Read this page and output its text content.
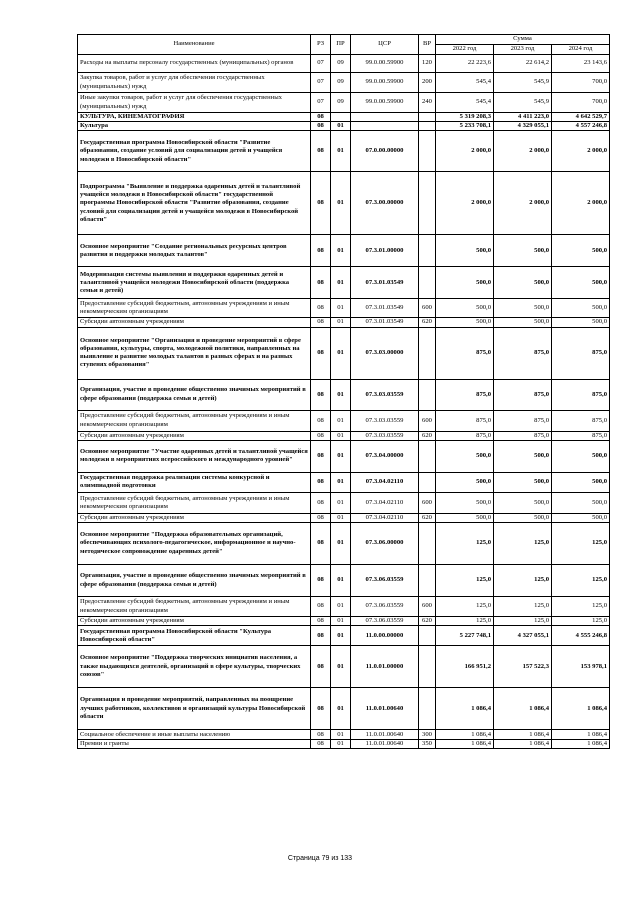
Наименование	РЗ	ПР	ЦСР	ВР	Сумма		
					2022 год	2023 год	2024 год
Расходы на выплаты персоналу государственных (муниципальных) органов	07	09	99.0.00.59900	120	22 223,6	22 614,2	23 143,6
Закупка товаров, работ и услуг для обеспечения государственных (муниципальных) нужд	07	09	99.0.00.59900	200	545,4	545,9	700,0
Иные закупки товаров, работ и услуг для обеспечения государственных (муниципальных) нужд	07	09	99.0.00.59900	240	545,4	545,9	700,0
КУЛЬТУРА, КИНЕМАТОГРАФИЯ	08				5 319 208,3	4 411 223,0	4 642 529,7
Культура	08	01			5 233 708,1	4 329 055,1	4 557 246,8
Государственная программа Новосибирской области "Развитие образования, создание условий для социализации детей и учащейся молодежи в Новосибирской области"	08	01	07.0.00.00000		2 000,0	2 000,0	2 000,0
Подпрограмма "Выявление и поддержка одаренных детей и талантливой учащейся молодежи в Новосибирской области" государственной программы Новосибирской области "Развитие образования, создание условий для социализации детей и учащейся молодежи в Новосибирской области"	08	01	07.3.00.00000		2 000,0	2 000,0	2 000,0
Основное мероприятие "Создание региональных ресурсных центров развития и поддержки молодых талантов"	08	01	07.3.01.00000		500,0	500,0	500,0
Модернизация системы выявления и поддержки одаренных детей и талантливой учащейся молодежи Новосибирской области (поддержка семьи и детей)	08	01	07.3.01.03549		500,0	500,0	500,0
Предоставление субсидий бюджетным, автономным учреждениям и иным некоммерческим организациям	08	01	07.3.01.03549	600	500,0	500,0	500,0
Субсидии автономным учреждениям	08	01	07.3.01.03549	620	500,0	500,0	500,0
Основное мероприятие "Организация и проведение мероприятий в сфере образования, культуры, спорта, молодежной политики, направленных на выявление и развитие молодых талантов в разных сферах и на разных ступенях образования"	08	01	07.3.03.00000		875,0	875,0	875,0
Организация, участие в проведение общественно значимых мероприятий в сфере образования (поддержка семьи и детей)	08	01	07.3.03.03559		875,0	875,0	875,0
Предоставление субсидий бюджетным, автономным учреждениям и иным некоммерческим организациям	08	01	07.3.03.03559	600	875,0	875,0	875,0
Субсидии автономным учреждениям	08	01	07.3.03.03559	620	875,0	875,0	875,0
Основное мероприятие "Участие одаренных детей и талантливой учащейся молодежи в мероприятиях всероссийского и международного уровней"	08	01	07.3.04.00000		500,0	500,0	500,0
Государственная поддержка реализации системы конкурсной и олимпиадной подготовки	08	01	07.3.04.02110		500,0	500,0	500,0
Предоставление субсидий бюджетным, автономным учреждениям и иным некоммерческим организациям	08	01	07.3.04.02110	600	500,0	500,0	500,0
Субсидии автономным учреждениям	08	01	07.3.04.02110	620	500,0	500,0	500,0
Основное мероприятие "Поддержка образовательных организаций, обеспечивающих психолого-педагогическое, информационное и научно-методическое сопровождение одаренных детей"	08	01	07.3.06.00000		125,0	125,0	125,0
Организация, участие в проведение общественно значимых мероприятий в сфере образования (поддержка семьи и детей)	08	01	07.3.06.03559		125,0	125,0	125,0
Предоставление субсидий бюджетным, автономным учреждениям и иным некоммерческим организациям	08	01	07.3.06.03559	600	125,0	125,0	125,0
Субсидии автономным учреждениям	08	01	07.3.06.03559	620	125,0	125,0	125,0
Государственная программа Новосибирской области "Культура Новосибирской области"	08	01	11.0.00.00000		5 227 748,1	4 327 055,1	4 555 246,8
Основное мероприятие "Поддержка творческих инициатив населения, а также выдающихся деятелей, организаций в сфере культуры, творческих союзов"	08	01	11.0.01.00000		166 951,2	157 522,3	153 978,1
Организация и проведение мероприятий, направленных на поощрение лучших работников, коллективов и организаций культуры Новосибирской области	08	01	11.0.01.00640		1 086,4	1 086,4	1 086,4
Социальное обеспечение и иные выплаты населению	08	01	11.0.01.00640	300	1 086,4	1 086,4	1 086,4
Премии и гранты	08	01	11.0.01.00640	350	1 086,4	1 086,4	1 086,4
Страница 79 из 133
